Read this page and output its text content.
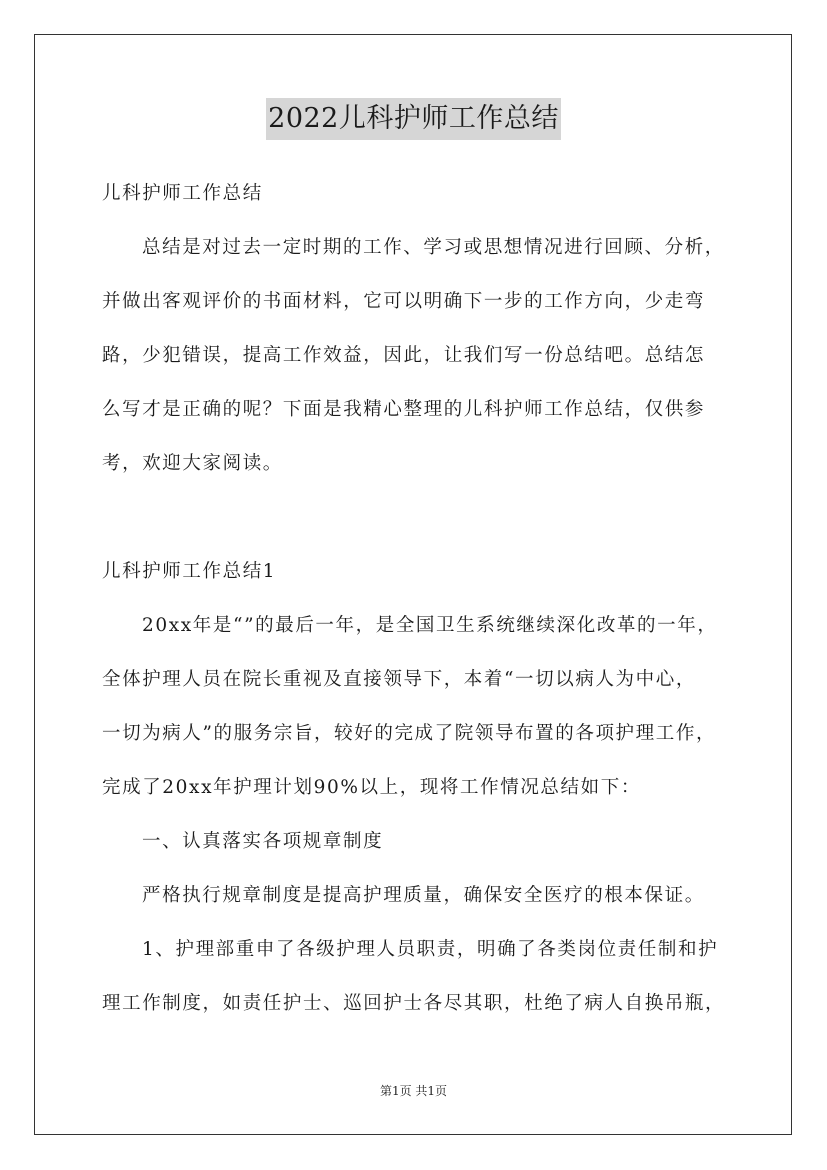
2022儿科护师工作总结
儿科护师工作总结
总结是对过去一定时期的工作、学习或思想情况进行回顾、分析，
并做出客观评价的书面材料，它可以明确下一步的工作方向，少走弯
路，少犯错误，提高工作效益，因此，让我们写一份总结吧。总结怎
么写才是正确的呢？下面是我精心整理的儿科护师工作总结，仅供参
考，欢迎大家阅读。
儿科护师工作总结1
20xx年是“”的最后一年，是全国卫生系统继续深化改革的一年，
全体护理人员在院长重视及直接领导下，本着“一切以病人为中心，
一切为病人”的服务宗旨，较好的完成了院领导布置的各项护理工作，
完成了20xx年护理计划90%以上，现将工作情况总结如下：
一、认真落实各项规章制度
严格执行规章制度是提高护理质量，确保安全医疗的根本保证。
1、护理部重申了各级护理人员职责，明确了各类岗位责任制和护
理工作制度，如责任护士、巡回护士各尽其职，杜绝了病人自换吊瓶，
第1页 共1页
